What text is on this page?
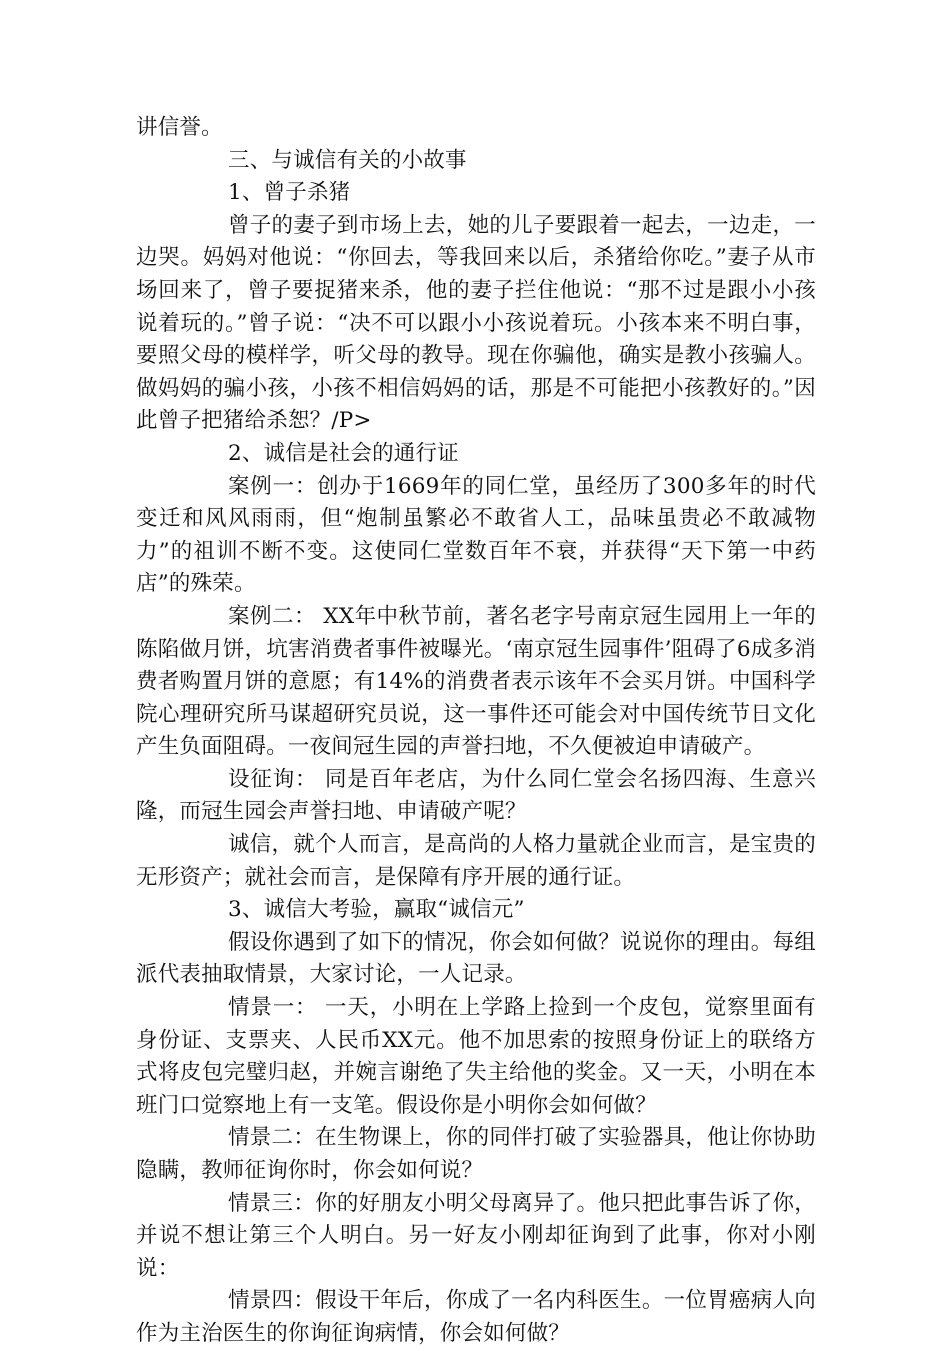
讲信誉。

三、与诚信有关的小故事

1、曾子杀猪

曾子的妻子到市场上去，她的儿子要跟着一起去，一边走，一边哭。妈妈对他说：“你回去，等我回来以后，杀猪给你吃。”妻子从市场回来了，曾子要捉猪来杀，他的妻子拦住他说：“那不过是跟小小孩说着玩的。”曾子说：“决不可以跟小小孩说着玩。小孩本来不明白事，要照父母的模样学，听父母的教导。现在你骗他，确实是教小孩骗人。做妈妈的骗小孩，小孩不相信妈妈的话，那是不可能把小孩教好的。”因此曾子把猪给杀恕？/P>

2、诚信是社会的通行证

案例一：创办于1669年的同仁堂，虽经历了300多年的时代变迁和风风雨雨，但“炮制虽繁必不敢省人工，品味虽贵必不敢减物力”的祖训不断不变。这使同仁堂数百年不衰，并获得“天下第一中药店”的殊荣。

案例二： XX年中秋节前，著名老字号南京冠生园用上一年的陈陷做月饼，坑害消费者事件被曝光。‘南京冠生园事件’阻碍了6成多消费者购置月饼的意愿；有14%的消费者表示该年不会买月饼。中国科学院心理研究所马谋超研究员说，这一事件还可能会对中国传统节日文化产生负面阻碍。一夜间冠生园的声誉扫地，不久便被迫申请破产。

设征询： 同是百年老店，为什么同仁堂会名扬四海、生意兴隆，而冠生园会声誉扫地、申请破产呢？

诚信，就个人而言，是高尚的人格力量就企业而言，是宝贵的无形资产；就社会而言，是保障有序开展的通行证。

3、诚信大考验，赢取“诚信元”

假设你遇到了如下的情况，你会如何做？说说你的理由。每组派代表抽取情景，大家讨论，一人记录。

情景一： 一天，小明在上学路上捡到一个皮包，觉察里面有身份证、支票夹、人民币XX元。他不加思索的按照身份证上的联络方式将皮包完璧归赵，并婉言谢绝了失主给他的奖金。又一天，小明在本班门口觉察地上有一支笔。假设你是小明你会如何做？

情景二：在生物课上，你的同伴打破了实验器具，他让你协助隐瞒，教师征询你时，你会如何说？

情景三：你的好朋友小明父母离异了。他只把此事告诉了你，并说不想让第三个人明白。另一好友小刚却征询到了此事，你对小刚说：

情景四：假设干年后，你成了一名内科医生。一位胃癌病人向作为主治医生的你询征询病情，你会如何做？
